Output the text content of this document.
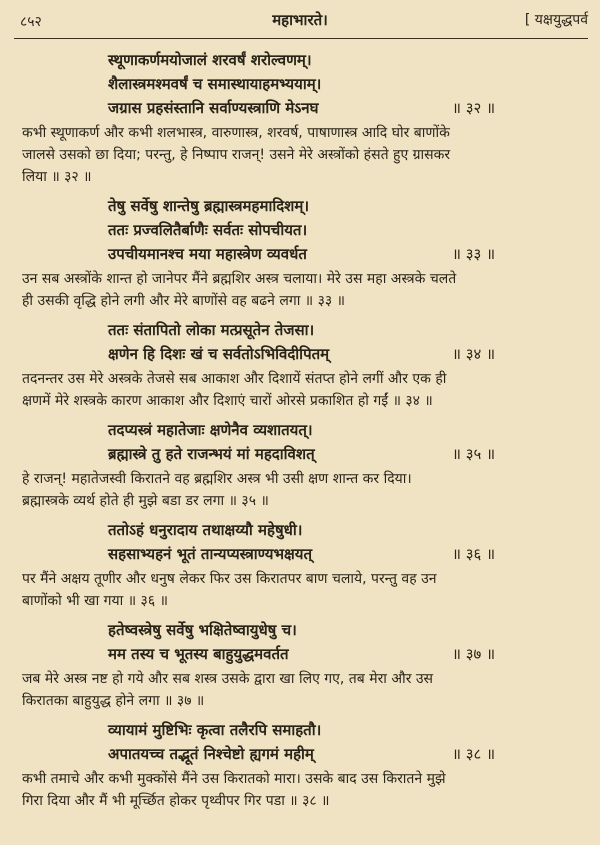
८५२	महाभारते।	[ यक्षयुद्धपर्व
स्थूणाकर्णमयोजालं शरवर्षं शरोल्वणम्।
शैलास्त्रमश्मवर्षं च समास्थायाहमभ्ययाम्।
जग्रास प्रहसंस्तानि सर्वाण्यस्त्राणि मेऽनघ	॥ ३२ ॥
कभी स्थूणाकर्ण और कभी शलभास्त्र, वारुणास्त्र, शरवर्ष, पाषाणास्त्र आदि घोर बाणोंके
जालसे उसको छा दिया; परन्तु, हे निष्पाप राजन्! उसने मेरे अस्त्रोंको हंसते हुए ग्रासकर
लिया ॥ ३२ ॥
तेषु सर्वेषु शान्तेषु ब्रह्मास्त्रमहमादिशम्।
ततः प्रज्वलितैर्बाणैः सर्वतः सोपचीयत।
उपचीयमानश्च मया महास्त्रेण व्यवर्धत	॥ ३३ ॥
उन सब अस्त्रोंके शान्त हो जानेपर मैंने ब्रह्मशिर अस्त्र चलाया। मेरे उस महा अस्त्रके चलते
ही उसकी वृद्धि होने लगी और मेरे बाणोंसे वह बढने लगा ॥ ३३ ॥
ततः संतापितो लोका मत्प्रसूतेन तेजसा।
क्षणेन हि दिशः खं च सर्वतोऽभिविदीपितम्	॥ ३४ ॥
तदनन्तर उस मेरे अस्त्रके तेजसे सब आकाश और दिशायें संतप्त होने लगीं और एक ही
क्षणमें मेरे शस्त्रके कारण आकाश और दिशाएं चारों ओरसे प्रकाशित हो गईं ॥ ३४ ॥
तदप्यस्त्रं महातेजाः क्षणेनैव व्यशातयत्।
ब्रह्मास्त्रे तु हते राजन्भयं मां महदाविशत्	॥ ३५ ॥
हे राजन्! महातेजस्वी किरातने वह ब्रह्मशिर अस्त्र भी उसी क्षण शान्त कर दिया।
ब्रह्मास्त्रके व्यर्थ होते ही मुझे बडा डर लगा ॥ ३५ ॥
ततोऽहं धनुरादाय तथाक्षय्यौ महेषुधी।
सहसाभ्यहनं भूतं तान्यप्यस्त्राण्यभक्षयत्	॥ ३६ ॥
पर मैंने अक्षय तूणीर और धनुष लेकर फिर उस किरातपर बाण चलाये, परन्तु वह उन
बाणोंको भी खा गया ॥ ३६ ॥
हतेष्वस्त्रेषु सर्वेषु भक्षितेष्वायुधेषु च।
मम तस्य च भूतस्य बाहुयुद्धमवर्तत	॥ ३७ ॥
जब मेरे अस्त्र नष्ट हो गये और सब शस्त्र उसके द्वारा खा लिए गए, तब मेरा और उस
किरातका बाहुयुद्ध होने लगा ॥ ३७ ॥
व्यायामं मुष्टिभिः कृत्वा तलैरपि समाहतौ।
अपातयच्च तद्भूतं निश्चेष्टो ह्यगमं महीम्	॥ ३८ ॥
कभी तमाचे और कभी मुक्कोंसे मैंने उस किरातको मारा। उसके बाद उस किरातने मुझे
गिरा दिया और मैं भी मूर्च्छित होकर पृथ्वीपर गिर पडा ॥ ३८ ॥
